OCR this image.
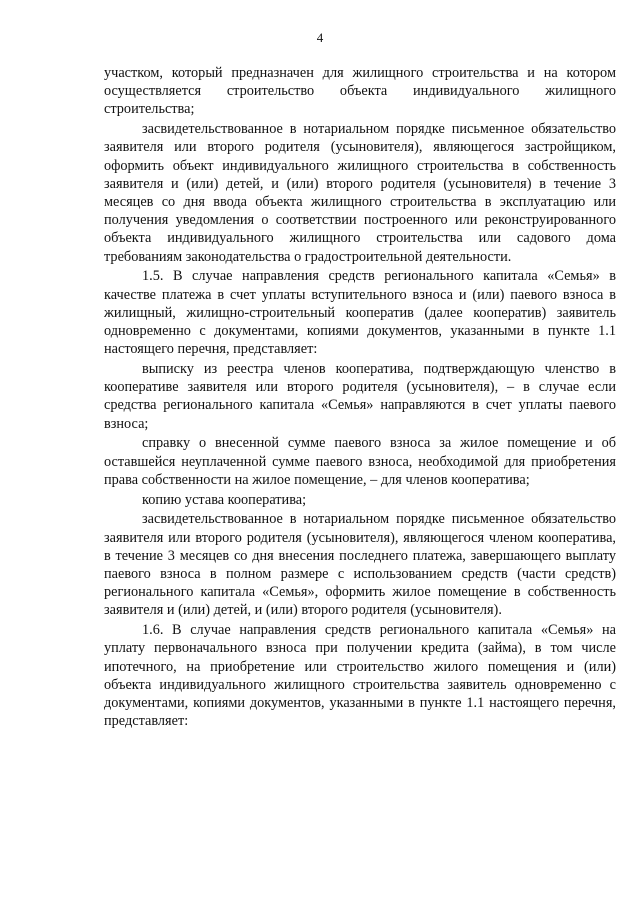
4

участком, который предназначен для жилищного строительства и на котором осуществляется строительство объекта индивидуального жилищного строительства;

засвидетельствованное в нотариальном порядке письменное обязательство заявителя или второго родителя (усыновителя), являющегося застройщиком, оформить объект индивидуального жилищного строительства в собственность заявителя и (или) детей, и (или) второго родителя (усыновителя) в течение 3 месяцев со дня ввода объекта жилищного строительства в эксплуатацию или получения уведомления о соответствии построенного или реконструированного объекта индивидуального жилищного строительства или садового дома требованиям законодательства о градостроительной деятельности.

1.5. В случае направления средств регионального капитала «Семья» в качестве платежа в счет уплаты вступительного взноса и (или) паевого взноса в жилищный, жилищно-строительный кооператив (далее кооператив) заявитель одновременно с документами, копиями документов, указанными в пункте 1.1 настоящего перечня, представляет:

выписку из реестра членов кооператива, подтверждающую членство в кооперативе заявителя или второго родителя (усыновителя), – в случае если средства регионального капитала «Семья» направляются в счет уплаты паевого взноса;

справку о внесенной сумме паевого взноса за жилое помещение и об оставшейся неуплаченной сумме паевого взноса, необходимой для приобретения права собственности на жилое помещение, – для членов кооператива;

копию устава кооператива;

засвидетельствованное в нотариальном порядке письменное обязательство заявителя или второго родителя (усыновителя), являющегося членом кооператива, в течение 3 месяцев со дня внесения последнего платежа, завершающего выплату паевого взноса в полном размере с использованием средств (части средств) регионального капитала «Семья», оформить жилое помещение в собственность заявителя и (или) детей, и (или) второго родителя (усыновителя).

1.6. В случае направления средств регионального капитала «Семья» на уплату первоначального взноса при получении кредита (займа), в том числе ипотечного, на приобретение или строительство жилого помещения и (или) объекта индивидуального жилищного строительства заявитель одновременно с документами, копиями документов, указанными в пункте 1.1 настоящего перечня, представляет:
